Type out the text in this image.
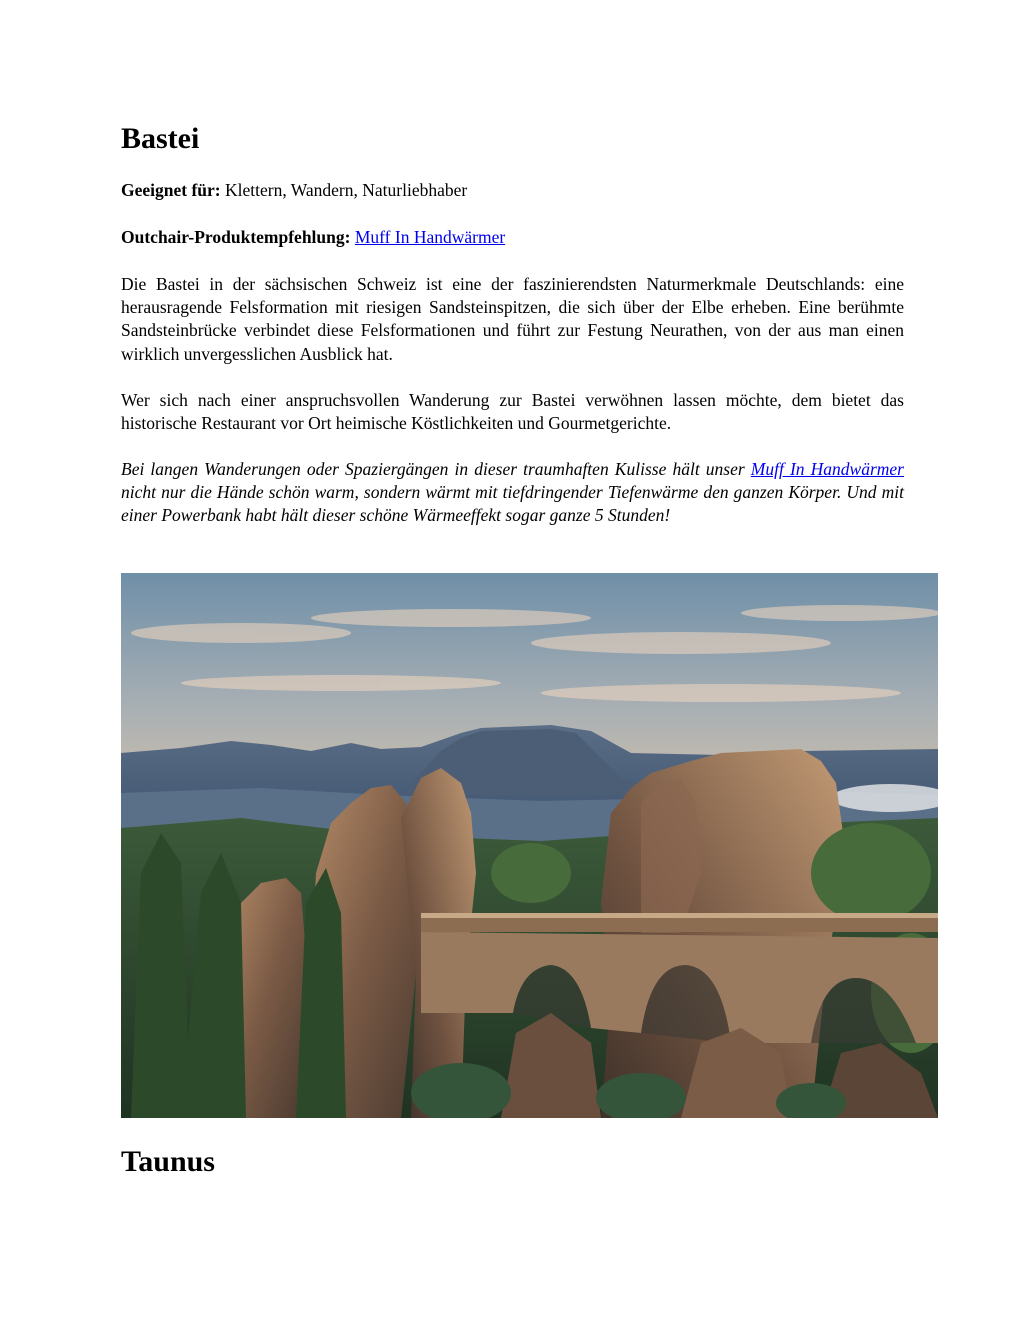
Bastei
Geeignet für: Klettern, Wandern, Naturliebhaber
Outchair-Produktempfehlung: Muff In Handwärmer

Die Bastei in der sächsischen Schweiz ist eine der faszinierendsten Naturmerkmale Deutschlands: eine herausragende Felsformation mit riesigen Sandsteinspitzen, die sich über der Elbe erheben. Eine berühmte Sandsteinbrücke verbindet diese Felsformationen und führt zur Festung Neurathen, von der aus man einen wirklich unvergesslichen Ausblick hat.

Wer sich nach einer anspruchsvollen Wanderung zur Bastei verwöhnen lassen möchte, dem bietet das historische Restaurant vor Ort heimische Köstlichkeiten und Gourmetgerichte.

Bei langen Wanderungen oder Spaziergängen in dieser traumhaften Kulisse hält unser Muff In Handwärmer nicht nur die Hände schön warm, sondern wärmt mit tiefdringender Tiefenwärme den ganzen Körper. Und mit einer Powerbank habt hält dieser schöne Wärmeeffekt sogar ganze 5 Stunden!

Taunus
